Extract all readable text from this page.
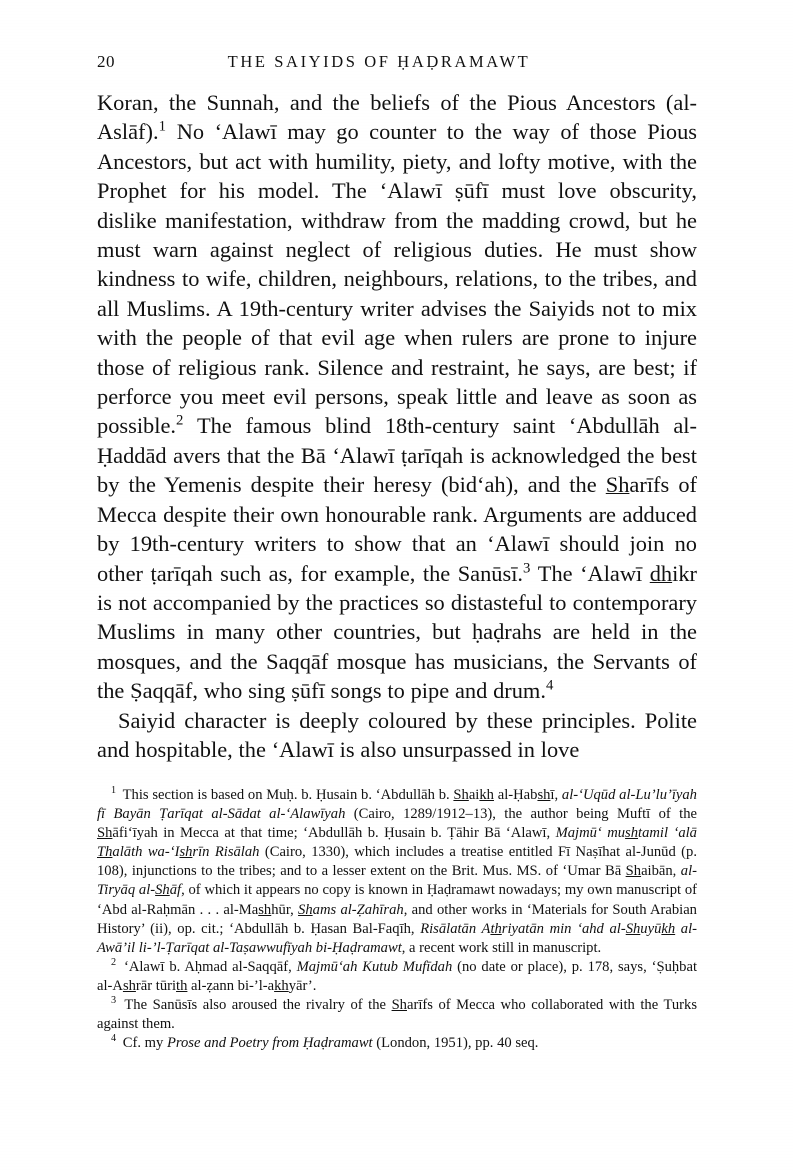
20	THE SAIYIDS OF ḤAḌRAMAWT

Koran, the Sunnah, and the beliefs of the Pious Ancestors (al-Aslāf).$^1$ No ‘Alawī may go counter to the way of those Pious Ancestors, but act with humility, piety, and lofty motive, with the Prophet for his model. The ‘Alawī ṣūfī must love obscurity, dislike manifestation, withdraw from the madding crowd, but he must warn against neglect of religious duties. He must show kindness to wife, children, neighbours, relations, to the tribes, and all Muslims. A 19th-century writer advises the Saiyids not to mix with the people of that evil age when rulers are prone to injure those of religious rank. Silence and restraint, he says, are best; if perforce you meet evil persons, speak little and leave as soon as possible.$^2$ The famous blind 18th-century saint ‘Abdullāh al-Ḥaddād avers that the Bā ‘Alawī ṭarīqah is acknowledged the best by the Yemenis despite their heresy (bid‘ah), and the Sharīfs of Mecca despite their own honourable rank. Arguments are adduced by 19th-century writers to show that an ‘Alawī should join no other ṭarīqah such as, for example, the Sanūsī.$^3$ The ‘Alawī dhikr is not accompanied by the practices so distasteful to contemporary Muslims in many other countries, but ḥaḍrahs are held in the mosques, and the Saqqāf mosque has musicians, the Servants of the Ṣaqqāf, who sing ṣūfī songs to pipe and drum.$^4$

Saiyid character is deeply coloured by these principles. Polite and hospitable, the ‘Alawī is also unsurpassed in love

$^1$ This section is based on Muḥ. b. Ḥusain b. ‘Abdullāh b. Shaikh al-Ḥabshī, al-‘Uqūd al-Lu’lu’īyah fī Bayān Ṭarīqat al-Sādat al-‘Alawīyah (Cairo, 1289/1912–13), the author being Muftī of the Shāfi‘īyah in Mecca at that time; ‘Abdullāh b. Ḥusain b. Ṭāhir Bā ‘Alawī, Majmū‘ mushtamil ‘alā Thalāth wa-‘Ishrīn Risālah (Cairo, 1330), which includes a treatise entitled Fī Naṣīhat al-Junūd (p. 108), injunctions to the tribes; and to a lesser extent on the Brit. Mus. MS. of ‘Umar Bā Shaibān, al-Tiryāq al-Shāf, of which it appears no copy is known in Ḥaḍramawt nowadays; my own manuscript of ‘Abd al-Raḥmān . . . al-Mashhūr, Shams al-Ẓahīrah, and other works in ‘Materials for South Arabian History’ (ii), op. cit.; ‘Abdullāh b. Ḥasan Bal-Faqīh, Risālatān Athriyatān min ‘ahd al-Shuyūkh al-Awā’il li-’l-Ṭarīqat al-Taṣawwufīyah bi-Ḥaḍramawt, a recent work still in manuscript.

$^2$ ‘Alawī b. Aḥmad al-Saqqāf, Majmū‘ah Kutub Mufīdah (no date or place), p. 178, says, ‘Ṣuḥbat al-Ashrār tūrith al-ẓann bi-’l-akhyār’.

$^3$ The Sanūsīs also aroused the rivalry of the Sharīfs of Mecca who collaborated with the Turks against them.

$^4$ Cf. my Prose and Poetry from Ḥaḍramawt (London, 1951), pp. 40 seq.
